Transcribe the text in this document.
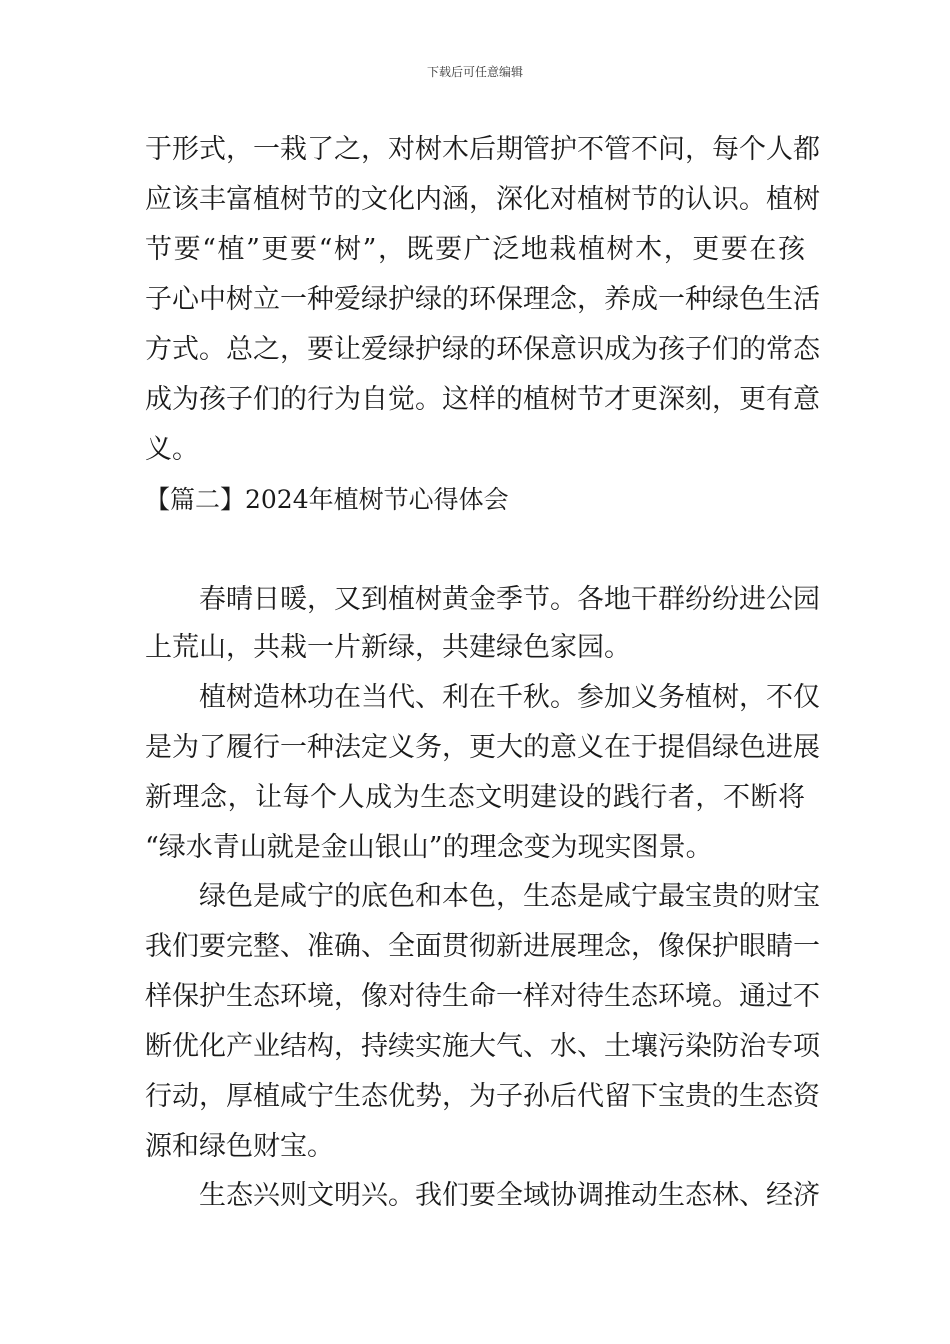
下载后可任意编辑
于形式，一栽了之，对树木后期管护不管不问，每个人都
应该丰富植树节的文化内涵，深化对植树节的认识。植树
节要“植”更要“树”，既要广泛地栽植树木，更要在孩
子心中树立一种爱绿护绿的环保理念，养成一种绿色生活
方式。总之，要让爱绿护绿的环保意识成为孩子们的常态
成为孩子们的行为自觉。这样的植树节才更深刻，更有意
义。
【篇二】2024年植树节心得体会
春晴日暖，又到植树黄金季节。各地干群纷纷进公园
上荒山，共栽一片新绿，共建绿色家园。
植树造林功在当代、利在千秋。参加义务植树，不仅
是为了履行一种法定义务，更大的意义在于提倡绿色进展
新理念，让每个人成为生态文明建设的践行者，不断将
“绿水青山就是金山银山”的理念变为现实图景。
绿色是咸宁的底色和本色，生态是咸宁最宝贵的财宝
我们要完整、准确、全面贯彻新进展理念，像保护眼睛一
样保护生态环境，像对待生命一样对待生态环境。通过不
断优化产业结构，持续实施大气、水、土壤污染防治专项
行动，厚植咸宁生态优势，为子孙后代留下宝贵的生态资
源和绿色财宝。
生态兴则文明兴。我们要全域协调推动生态林、经济
